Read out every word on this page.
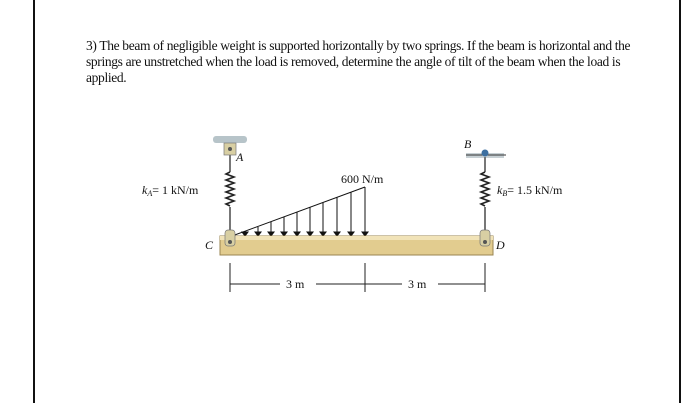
3) The beam of negligible weight is supported horizontally by two springs. If the beam is horizontal and the springs are unstretched when the load is removed, determine the angle of tilt of the beam when the load is applied.

A
B
C	D
600 N/m
kA= 1 kN/m	kB= 1.5 kN/m
3 m	3 m
